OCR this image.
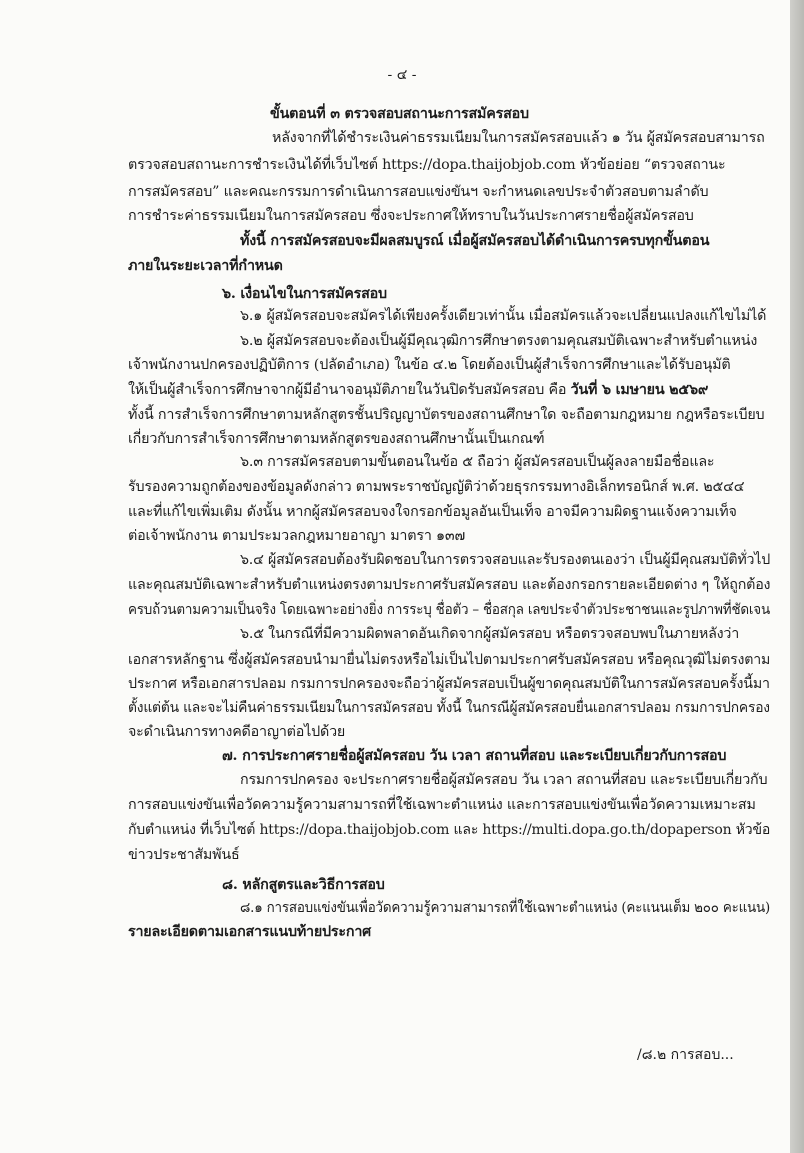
- ๔ -
ขั้นตอนที่ ๓ ตรวจสอบสถานะการสมัครสอบ
หลังจากที่ได้ชำระเงินค่าธรรมเนียมในการสมัครสอบแล้ว ๑ วัน ผู้สมัครสอบสามารถ
ตรวจสอบสถานะการชำระเงินได้ที่เว็บไซต์ https://dopa.thaijobjob.com หัวข้อย่อย “ตรวจสถานะ
การสมัครสอบ” และคณะกรรมการดำเนินการสอบแข่งขันฯ จะกำหนดเลขประจำตัวสอบตามลำดับ
การชำระค่าธรรมเนียมในการสมัครสอบ ซึ่งจะประกาศให้ทราบในวันประกาศรายชื่อผู้สมัครสอบ
ทั้งนี้ การสมัครสอบจะมีผลสมบูรณ์ เมื่อผู้สมัครสอบได้ดำเนินการครบทุกขั้นตอน
ภายในระยะเวลาที่กำหนด
๖. เงื่อนไขในการสมัครสอบ
๖.๑ ผู้สมัครสอบจะสมัครได้เพียงครั้งเดียวเท่านั้น เมื่อสมัครแล้วจะเปลี่ยนแปลงแก้ไขไม่ได้
๖.๒ ผู้สมัครสอบจะต้องเป็นผู้มีคุณวุฒิการศึกษาตรงตามคุณสมบัติเฉพาะสำหรับตำแหน่ง
เจ้าพนักงานปกครองปฏิบัติการ (ปลัดอำเภอ) ในข้อ ๔.๒ โดยต้องเป็นผู้สำเร็จการศึกษาและได้รับอนุมัติ
ให้เป็นผู้สำเร็จการศึกษาจากผู้มีอำนาจอนุมัติภายในวันปิดรับสมัครสอบ คือ วันที่ ๖ เมษายน ๒๕๖๙
ทั้งนี้ การสำเร็จการศึกษาตามหลักสูตรชั้นปริญญาบัตรของสถานศึกษาใด จะถือตามกฎหมาย กฎหรือระเบียบ
เกี่ยวกับการสำเร็จการศึกษาตามหลักสูตรของสถานศึกษานั้นเป็นเกณฑ์
๖.๓ การสมัครสอบตามขั้นตอนในข้อ ๕ ถือว่า ผู้สมัครสอบเป็นผู้ลงลายมือชื่อและ
รับรองความถูกต้องของข้อมูลดังกล่าว ตามพระราชบัญญัติว่าด้วยธุรกรรมทางอิเล็กทรอนิกส์ พ.ศ. ๒๕๔๔
และที่แก้ไขเพิ่มเติม ดังนั้น หากผู้สมัครสอบจงใจกรอกข้อมูลอันเป็นเท็จ อาจมีความผิดฐานแจ้งความเท็จ
ต่อเจ้าพนักงาน ตามประมวลกฎหมายอาญา มาตรา ๑๓๗
๖.๔ ผู้สมัครสอบต้องรับผิดชอบในการตรวจสอบและรับรองตนเองว่า เป็นผู้มีคุณสมบัติทั่วไป
และคุณสมบัติเฉพาะสำหรับตำแหน่งตรงตามประกาศรับสมัครสอบ และต้องกรอกรายละเอียดต่าง ๆ ให้ถูกต้อง
ครบถ้วนตามความเป็นจริง โดยเฉพาะอย่างยิ่ง การระบุ ชื่อตัว – ชื่อสกุล เลขประจำตัวประชาชนและรูปภาพที่ชัดเจน
๖.๕ ในกรณีที่มีความผิดพลาดอันเกิดจากผู้สมัครสอบ หรือตรวจสอบพบในภายหลังว่า
เอกสารหลักฐาน ซึ่งผู้สมัครสอบนำมายื่นไม่ตรงหรือไม่เป็นไปตามประกาศรับสมัครสอบ หรือคุณวุฒิไม่ตรงตาม
ประกาศ หรือเอกสารปลอม กรมการปกครองจะถือว่าผู้สมัครสอบเป็นผู้ขาดคุณสมบัติในการสมัครสอบครั้งนี้มา
ตั้งแต่ต้น และจะไม่คืนค่าธรรมเนียมในการสมัครสอบ ทั้งนี้ ในกรณีผู้สมัครสอบยื่นเอกสารปลอม กรมการปกครอง
จะดำเนินการทางคดีอาญาต่อไปด้วย
๗. การประกาศรายชื่อผู้สมัครสอบ วัน เวลา สถานที่สอบ และระเบียบเกี่ยวกับการสอบ
กรมการปกครอง จะประกาศรายชื่อผู้สมัครสอบ วัน เวลา สถานที่สอบ และระเบียบเกี่ยวกับ
การสอบแข่งขันเพื่อวัดความรู้ความสามารถที่ใช้เฉพาะตำแหน่ง และการสอบแข่งขันเพื่อวัดความเหมาะสม
กับตำแหน่ง ที่เว็บไซต์ https://dopa.thaijobjob.com และ https://multi.dopa.go.th/dopaperson หัวข้อ
ข่าวประชาสัมพันธ์
๘. หลักสูตรและวิธีการสอบ
๘.๑ การสอบแข่งขันเพื่อวัดความรู้ความสามารถที่ใช้เฉพาะตำแหน่ง (คะแนนเต็ม ๒๐๐ คะแนน)
รายละเอียดตามเอกสารแนบท้ายประกาศ
/๘.๒ การสอบ...
